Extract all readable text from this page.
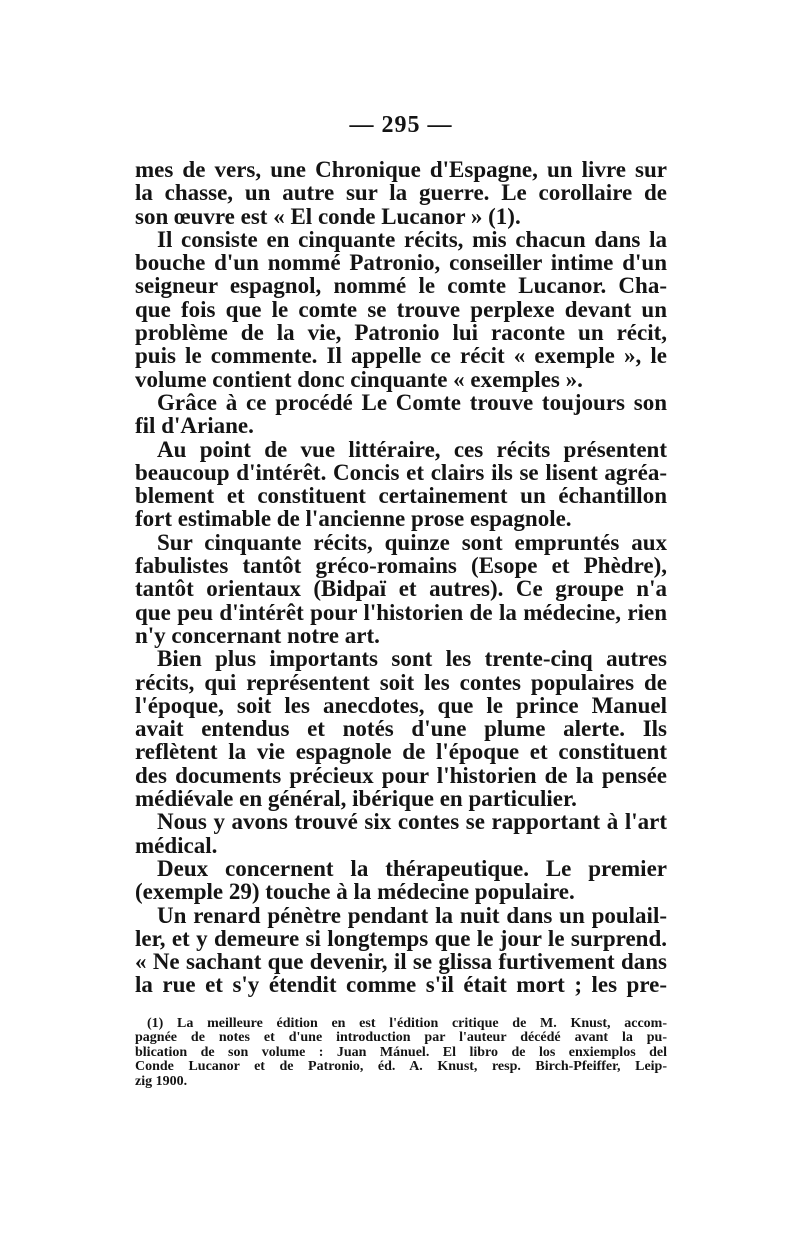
— 295 —
mes de vers, une Chronique d'Espagne, un livre sur
la chasse, un autre sur la guerre. Le corollaire de
son œuvre est « El conde Lucanor » (1).
Il consiste en cinquante récits, mis chacun dans la
bouche d'un nommé Patronio, conseiller intime d'un
seigneur espagnol, nommé le comte Lucanor. Cha-
que fois que le comte se trouve perplexe devant un
problème de la vie, Patronio lui raconte un récit,
puis le commente. Il appelle ce récit « exemple », le
volume contient donc cinquante « exemples ».
Grâce à ce procédé Le Comte trouve toujours son
fil d'Ariane.
Au point de vue littéraire, ces récits présentent
beaucoup d'intérêt. Concis et clairs ils se lisent agréa-
blement et constituent certainement un échantillon
fort estimable de l'ancienne prose espagnole.
Sur cinquante récits, quinze sont empruntés aux
fabulistes tantôt gréco-romains (Esope et Phèdre),
tantôt orientaux (Bidpaï et autres). Ce groupe n'a
que peu d'intérêt pour l'historien de la médecine, rien
n'y concernant notre art.
Bien plus importants sont les trente-cinq autres
récits, qui représentent soit les contes populaires de
l'époque, soit les anecdotes, que le prince Manuel
avait entendus et notés d'une plume alerte. Ils
reflètent la vie espagnole de l'époque et constituent
des documents précieux pour l'historien de la pensée
médiévale en général, ibérique en particulier.
Nous y avons trouvé six contes se rapportant à l'art
médical.
Deux concernent la thérapeutique. Le premier
(exemple 29) touche à la médecine populaire.
Un renard pénètre pendant la nuit dans un poulail-
ler, et y demeure si longtemps que le jour le surprend.
« Ne sachant que devenir, il se glissa furtivement dans
la rue et s'y étendit comme s'il était mort ; les pre-
(1) La meilleure édition en est l'édition critique de M. Knust, accom-
pagnée de notes et d'une introduction par l'auteur décédé avant la pu-
blication de son volume : Juan Mánuel. El libro de los enxiemplos del
Conde Lucanor et de Patronio, éd. A. Knust, resp. Birch-Pfeiffer, Leip-
zig 1900.
